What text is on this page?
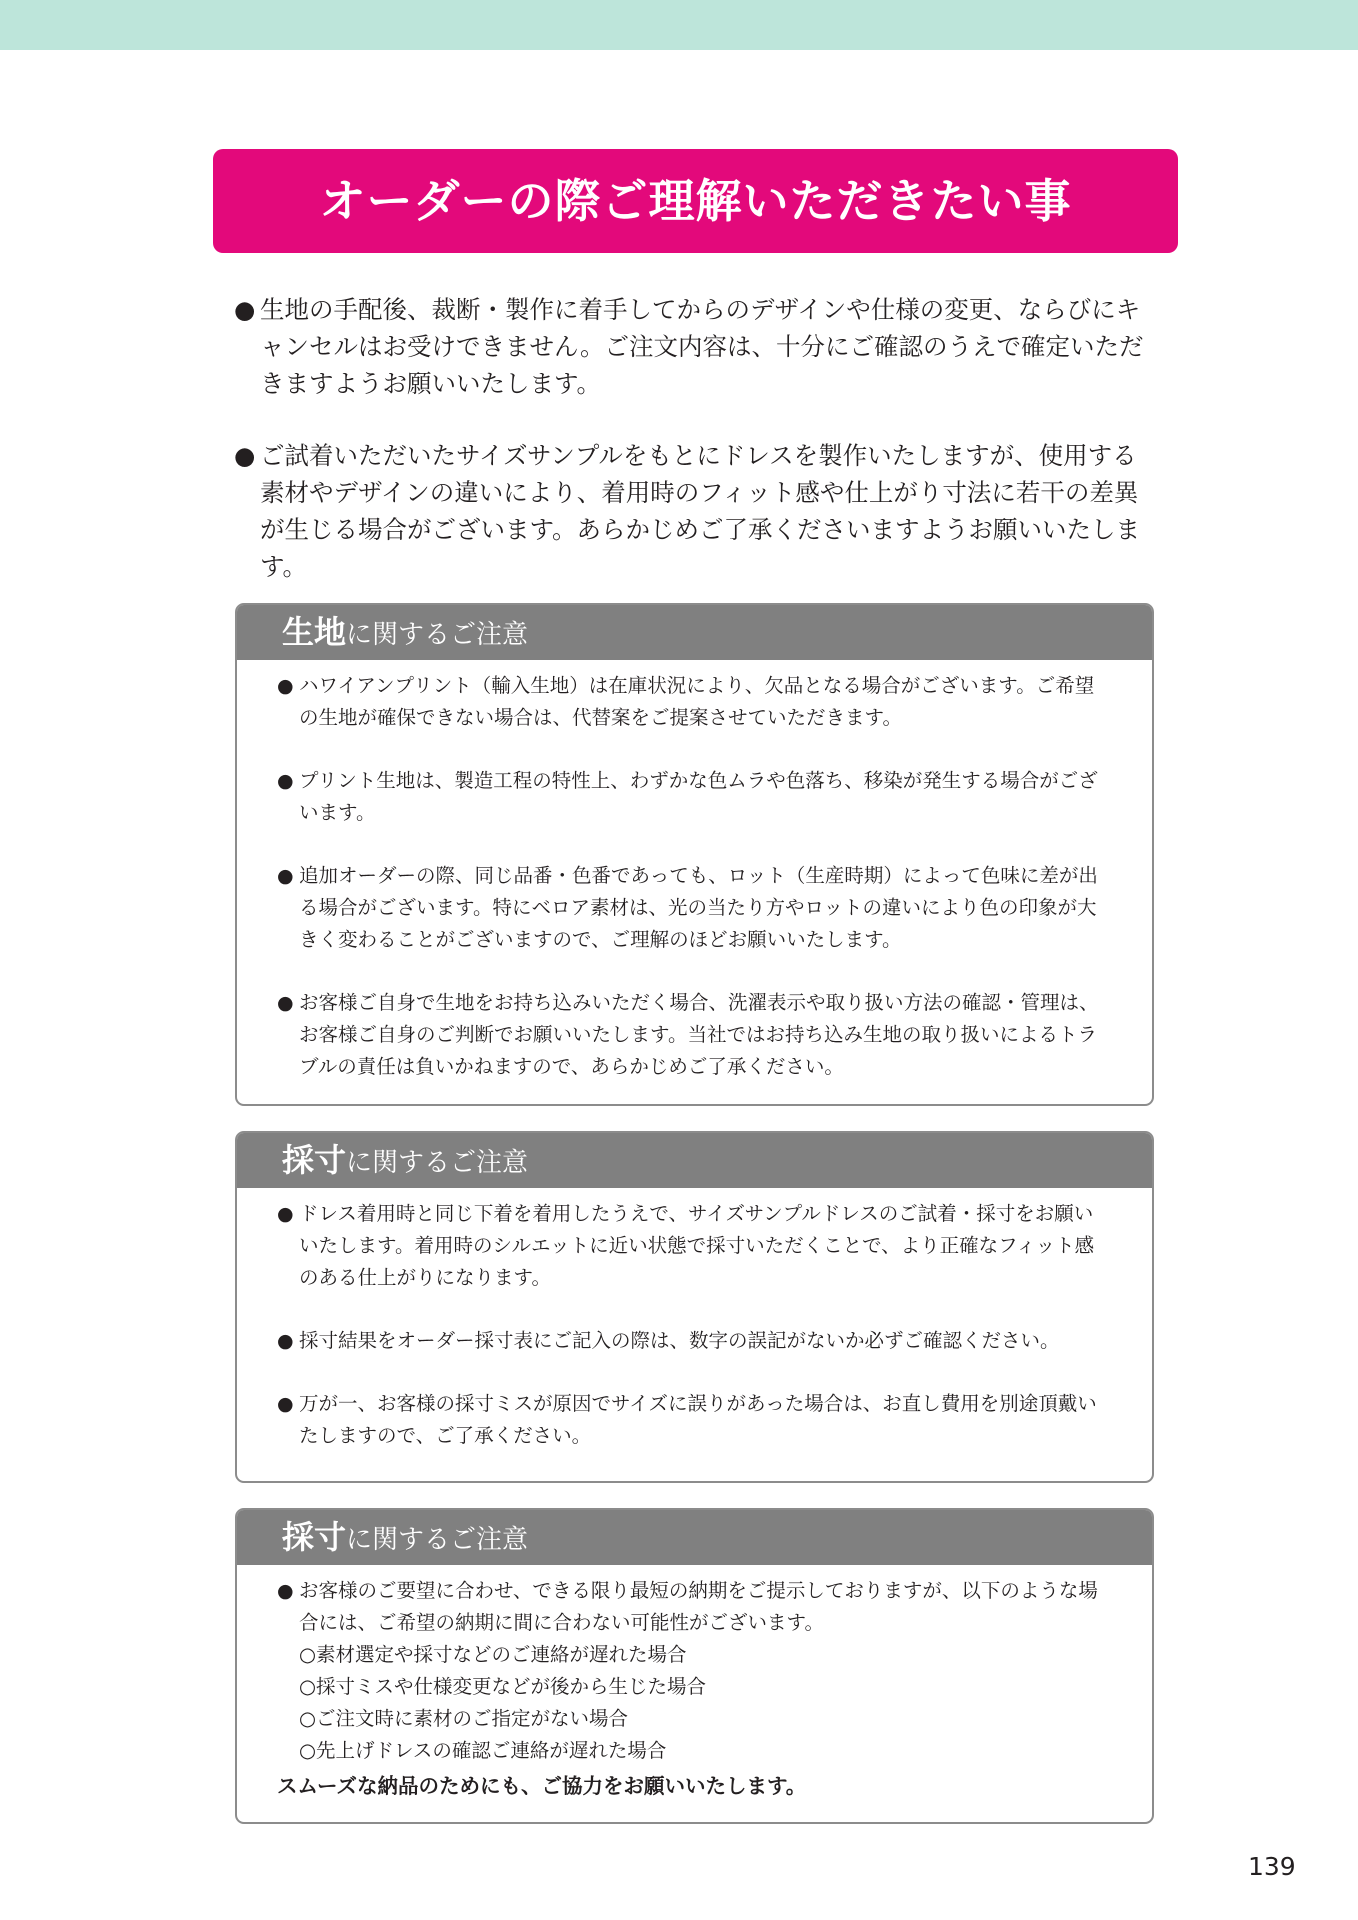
オーダーの際ご理解いただきたい事
● 生地の手配後、裁断・製作に着手してからのデザインや仕様の変更、ならびにキャンセルはお受けできません。ご注文内容は、十分にご確認のうえで確定いただきますようお願いいたします。
● ご試着いただいたサイズサンプルをもとにドレスを製作いたしますが、使用する素材やデザインの違いにより、着用時のフィット感や仕上がり寸法に若干の差異が生じる場合がございます。あらかじめご了承くださいますようお願いいたします。
生地に関するご注意
● ハワイアンプリント（輸入生地）は在庫状況により、欠品となる場合がございます。ご希望の生地が確保できない場合は、代替案をご提案させていただきます。
● プリント生地は、製造工程の特性上、わずかな色ムラや色落ち、移染が発生する場合がございます。
● 追加オーダーの際、同じ品番・色番であっても、ロット（生産時期）によって色味に差が出る場合がございます。特にベロア素材は、光の当たり方やロットの違いにより色の印象が大きく変わることがございますので、ご理解のほどお願いいたします。
● お客様ご自身で生地をお持ち込みいただく場合、洗濯表示や取り扱い方法の確認・管理は、お客様ご自身のご判断でお願いいたします。当社ではお持ち込み生地の取り扱いによるトラブルの責任は負いかねますので、あらかじめご了承ください。
採寸に関するご注意
● ドレス着用時と同じ下着を着用したうえで、サイズサンプルドレスのご試着・採寸をお願いいたします。着用時のシルエットに近い状態で採寸いただくことで、より正確なフィット感のある仕上がりになります。
● 採寸結果をオーダー採寸表にご記入の際は、数字の誤記がないか必ずご確認ください。
● 万が一、お客様の採寸ミスが原因でサイズに誤りがあった場合は、お直し費用を別途頂戴いたしますので、ご了承ください。
採寸に関するご注意
● お客様のご要望に合わせ、できる限り最短の納期をご提示しておりますが、以下のような場合には、ご希望の納期に間に合わない可能性がございます。
○素材選定や採寸などのご連絡が遅れた場合
○採寸ミスや仕様変更などが後から生じた場合
○ご注文時に素材のご指定がない場合
○先上げドレスの確認ご連絡が遅れた場合
スムーズな納品のためにも、ご協力をお願いいたします。
139
